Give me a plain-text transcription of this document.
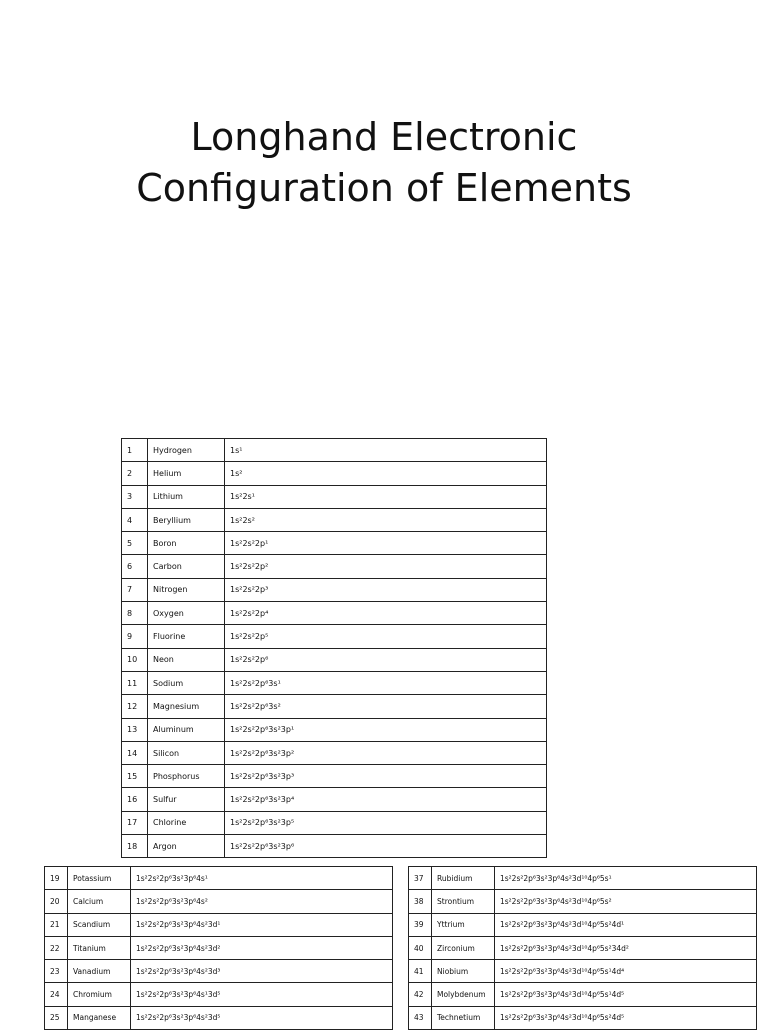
Longhand Electronic
Configuration of Elements
1	Hydrogen	1s¹
2	Helium	1s²
3	Lithium	1s²2s¹
4	Beryllium	1s²2s²
5	Boron	1s²2s²2p¹
6	Carbon	1s²2s²2p²
7	Nitrogen	1s²2s²2p³
8	Oxygen	1s²2s²2p⁴
9	Fluorine	1s²2s²2p⁵
10	Neon	1s²2s²2p⁶
11	Sodium	1s²2s²2p⁶3s¹
12	Magnesium	1s²2s²2p⁶3s²
13	Aluminum	1s²2s²2p⁶3s²3p¹
14	Silicon	1s²2s²2p⁶3s²3p²
15	Phosphorus	1s²2s²2p⁶3s²3p³
16	Sulfur	1s²2s²2p⁶3s²3p⁴
17	Chlorine	1s²2s²2p⁶3s²3p⁵
18	Argon	1s²2s²2p⁶3s²3p⁶
19	Potassium	1s²2s²2p⁶3s²3p⁶4s¹
20	Calcium	1s²2s²2p⁶3s²3p⁶4s²
21	Scandium	1s²2s²2p⁶3s²3p⁶4s²3d¹
22	Titanium	1s²2s²2p⁶3s²3p⁶4s²3d²
23	Vanadium	1s²2s²2p⁶3s²3p⁶4s²3d³
24	Chromium	1s²2s²2p⁶3s²3p⁶4s¹3d⁵
25	Manganese	1s²2s²2p⁶3s²3p⁶4s²3d⁵
37	Rubidium	1s²2s²2p⁶3s²3p⁶4s²3d¹⁰4p⁶5s¹
38	Strontium	1s²2s²2p⁶3s²3p⁶4s²3d¹⁰4p⁶5s²
39	Yttrium	1s²2s²2p⁶3s²3p⁶4s²3d¹⁰4p⁶5s²4d¹
40	Zirconium	1s²2s²2p⁶3s²3p⁶4s²3d¹⁰4p⁶5s²34d²
41	Niobium	1s²2s²2p⁶3s²3p⁶4s²3d¹⁰4p⁶5s¹4d⁴
42	Molybdenum	1s²2s²2p⁶3s²3p⁶4s²3d¹⁰4p⁶5s¹4d⁵
43	Technetium	1s²2s²2p⁶3s²3p⁶4s²3d¹⁰4p⁶5s²4d⁵
